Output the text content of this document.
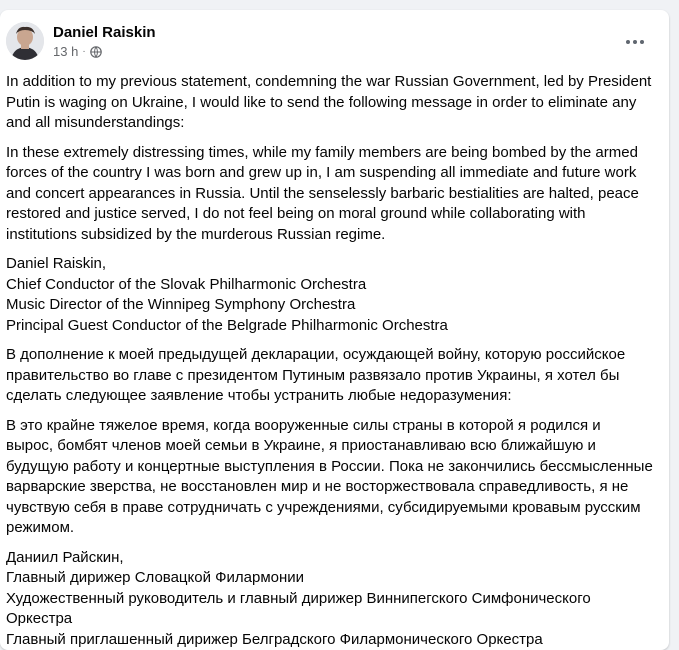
Daniel Raiskin
13 h ·
In addition to my previous statement, condemning the war Russian Government, led by President
Putin is waging on Ukraine, I would like to send the following message in order to eliminate any
and all misunderstandings:
In these extremely distressing times, while my family members are being bombed by the armed
forces of the country I was born and grew up in, I am suspending all immediate and future work
and concert appearances in Russia. Until the senselessly barbaric bestialities are halted, peace
restored and justice served, I do not feel being on moral ground while collaborating with
institutions subsidized by the murderous Russian regime.
Daniel Raiskin,
Chief Conductor of the Slovak Philharmonic Orchestra
Music Director of the Winnipeg Symphony Orchestra
Principal Guest Conductor of the Belgrade Philharmonic Orchestra
В дополнение к моей предыдущей декларации, осуждающей войну, которую российское
правительство во главе с президентом Путиным развязало против Украины, я хотел бы
сделать следующее заявление чтобы устранить любые недоразумения:
В это крайне тяжелое время, когда вооруженные силы страны в которой я родился и
вырос, бомбят членов моей семьи в Украине, я приостанавливаю всю ближайшую и
будущую работу и концертные выступления в России. Пока не закончились бессмысленные
варварские зверства, не восстановлен мир и не восторжествовала справедливость, я не
чувствую себя в праве сотрудничать с учреждениями, субсидируемыми кровавым русским
режимом.
Даниил Райскин,
Главный дирижер Словацкой Филармонии
Художественный руководитель и главный дирижер Виннипегского Симфонического
Оркестра
Главный приглашенный дирижер Белградского Филармонического Оркестра
